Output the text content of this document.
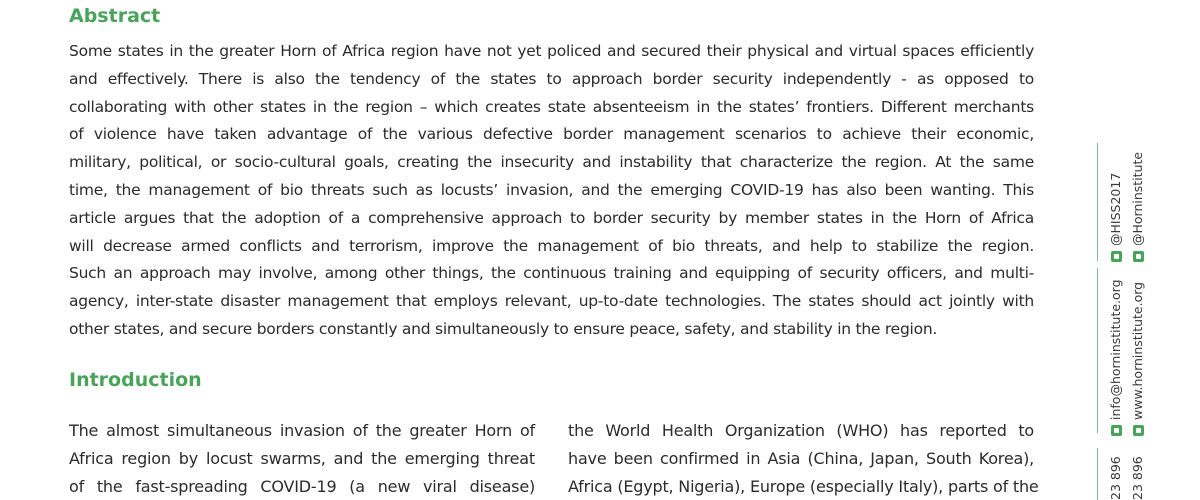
Abstract

Some states in the greater Horn of Africa region have not yet policed and secured their physical and virtual spaces efficiently

and effectively. There is also the tendency of the states to approach border security independently - as opposed to

collaborating with other states in the region – which creates state absenteeism in the states’ frontiers. Different merchants

of violence have taken advantage of the various defective border management scenarios to achieve their economic,

military, political, or socio-cultural goals, creating the insecurity and instability that characterize the region. At the same

time, the management of bio threats such as locusts’ invasion, and the emerging COVID-19 has also been wanting. This

article argues that the adoption of a comprehensive approach to border security by member states in the Horn of Africa

will decrease armed conflicts and terrorism, improve the management of bio threats, and help to stabilize the region.

Such an approach may involve, among other things, the continuous training and equipping of security officers, and multi-

agency, inter-state disaster management that employs relevant, up-to-date technologies. The states should act jointly with

other states, and secure borders constantly and simultaneously to ensure peace, safety, and stability in the region.

Introduction

The almost simultaneous invasion of the greater Horn of

Africa region by locust swarms, and the emerging threat

of the fast-spreading COVID-19 (a new viral disease)

the World Health Organization (WHO) has reported to

have been confirmed in Asia (China, Japan, South Korea),

Africa (Egypt, Nigeria), Europe (especially Italy), parts of the

@HISS2017 @Horninstitute
info@horninstitute.org www.horninstitute.org
23 896 23 896
